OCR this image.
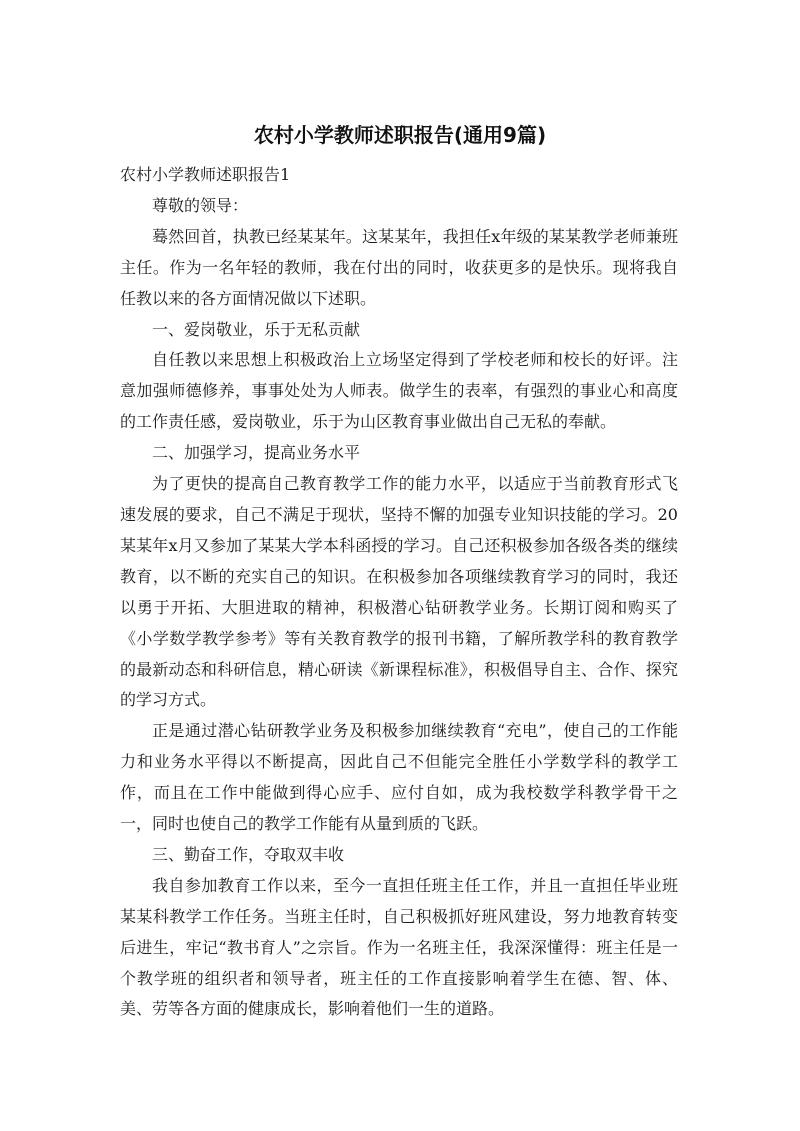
农村小学教师述职报告(通用9篇)

农村小学教师述职报告1

尊敬的领导：

蓦然回首，执教已经某某年。这某某年，我担任x年级的某某教学老师兼班主任。作为一名年轻的教师，我在付出的同时，收获更多的是快乐。现将我自任教以来的各方面情况做以下述职。

一、爱岗敬业，乐于无私贡献

自任教以来思想上积极政治上立场坚定得到了学校老师和校长的好评。注意加强师德修养，事事处处为人师表。做学生的表率，有强烈的事业心和高度的工作责任感，爱岗敬业，乐于为山区教育事业做出自己无私的奉献。

二、加强学习，提高业务水平

为了更快的提高自己教育教学工作的能力水平，以适应于当前教育形式飞速发展的要求，自己不满足于现状，坚持不懈的加强专业知识技能的学习。20某某年x月又参加了某某大学本科函授的学习。自己还积极参加各级各类的继续教育，以不断的充实自己的知识。在积极参加各项继续教育学习的同时，我还以勇于开拓、大胆进取的精神，积极潜心钻研教学业务。长期订阅和购买了《小学数学教学参考》等有关教育教学的报刊书籍，了解所教学科的教育教学的最新动态和科研信息，精心研读《新课程标准》，积极倡导自主、合作、探究的学习方式。

正是通过潜心钻研教学业务及积极参加继续教育“充电”，使自己的工作能力和业务水平得以不断提高，因此自己不但能完全胜任小学数学科的教学工作，而且在工作中能做到得心应手、应付自如，成为我校数学科教学骨干之一，同时也使自己的教学工作能有从量到质的飞跃。

三、勤奋工作，夺取双丰收

我自参加教育工作以来，至今一直担任班主任工作，并且一直担任毕业班某某科教学工作任务。当班主任时，自己积极抓好班风建设，努力地教育转变后进生，牢记“教书育人”之宗旨。作为一名班主任，我深深懂得：班主任是一个教学班的组织者和领导者，班主任的工作直接影响着学生在德、智、体、美、劳等各方面的健康成长，影响着他们一生的道路。
